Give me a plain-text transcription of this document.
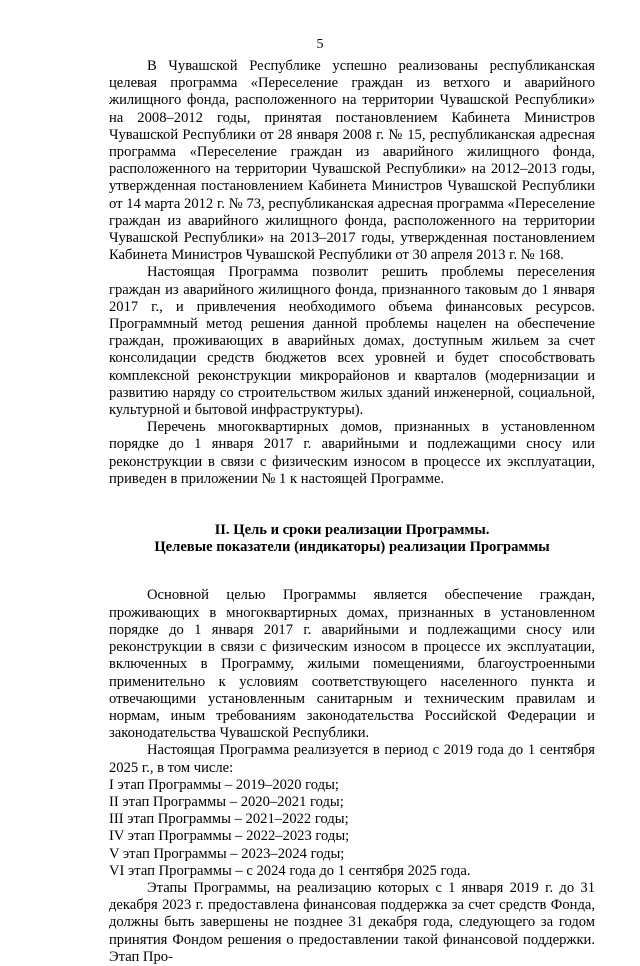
5

В Чувашской Республике успешно реализованы республиканская целевая программа «Переселение граждан из ветхого и аварийного жилищного фонда, расположенного на территории Чувашской Республики» на 2008–2012 годы, принятая постановлением Кабинета Министров Чувашской Республики от 28 января 2008 г. № 15, республиканская адресная программа «Переселение граждан из аварийного жилищного фонда, расположенного на территории Чувашской Республики» на 2012–2013 годы, утвержденная постановлением Кабинета Министров Чувашской Республики от 14 марта 2012 г. № 73, республиканская адресная программа «Переселение граждан из аварийного жилищного фонда, расположенного на территории Чувашской Республики» на 2013–2017 годы, утвержденная постановлением Кабинета Министров Чувашской Республики от 30 апреля 2013 г. № 168.

Настоящая Программа позволит решить проблемы переселения граждан из аварийного жилищного фонда, признанного таковым до 1 января 2017 г., и привлечения необходимого объема финансовых ресурсов. Программный метод решения данной проблемы нацелен на обеспечение граждан, проживающих в аварийных домах, доступным жильем за счет консолидации средств бюджетов всех уровней и будет способствовать комплексной реконструкции микрорайонов и кварталов (модернизации и развитию наряду со строительством жилых зданий инженерной, социальной, культурной и бытовой инфраструктуры).

Перечень многоквартирных домов, признанных в установленном порядке до 1 января 2017 г. аварийными и подлежащими сносу или реконструкции в связи с физическим износом в процессе их эксплуатации, приведен в приложении № 1 к настоящей Программе.

II. Цель и сроки реализации Программы.
Целевые показатели (индикаторы) реализации Программы

Основной целью Программы является обеспечение граждан, проживающих в многоквартирных домах, признанных в установленном порядке до 1 января 2017 г. аварийными и подлежащими сносу или реконструкции в связи с физическим износом в процессе их эксплуатации, включенных в Программу, жилыми помещениями, благоустроенными применительно к условиям соответствующего населенного пункта и отвечающими установленным санитарным и техническим правилам и нормам, иным требованиям законодательства Российской Федерации и законодательства Чувашской Республики.

Настоящая Программа реализуется в период с 2019 года до 1 сентября 2025 г., в том числе:

I этап Программы – 2019–2020 годы;

II этап Программы – 2020–2021 годы;

III этап Программы – 2021–2022 годы;

IV этап Программы – 2022–2023 годы;

V этап Программы – 2023–2024 годы;

VI этап Программы – с 2024 года до 1 сентября 2025 года.

Этапы Программы, на реализацию которых с 1 января 2019 г. до 31 декабря 2023 г. предоставлена финансовая поддержка за счет средств Фонда, должны быть завершены не позднее 31 декабря года, следующего за годом принятия Фондом решения о предоставлении такой финансовой поддержки. Этап Про-
